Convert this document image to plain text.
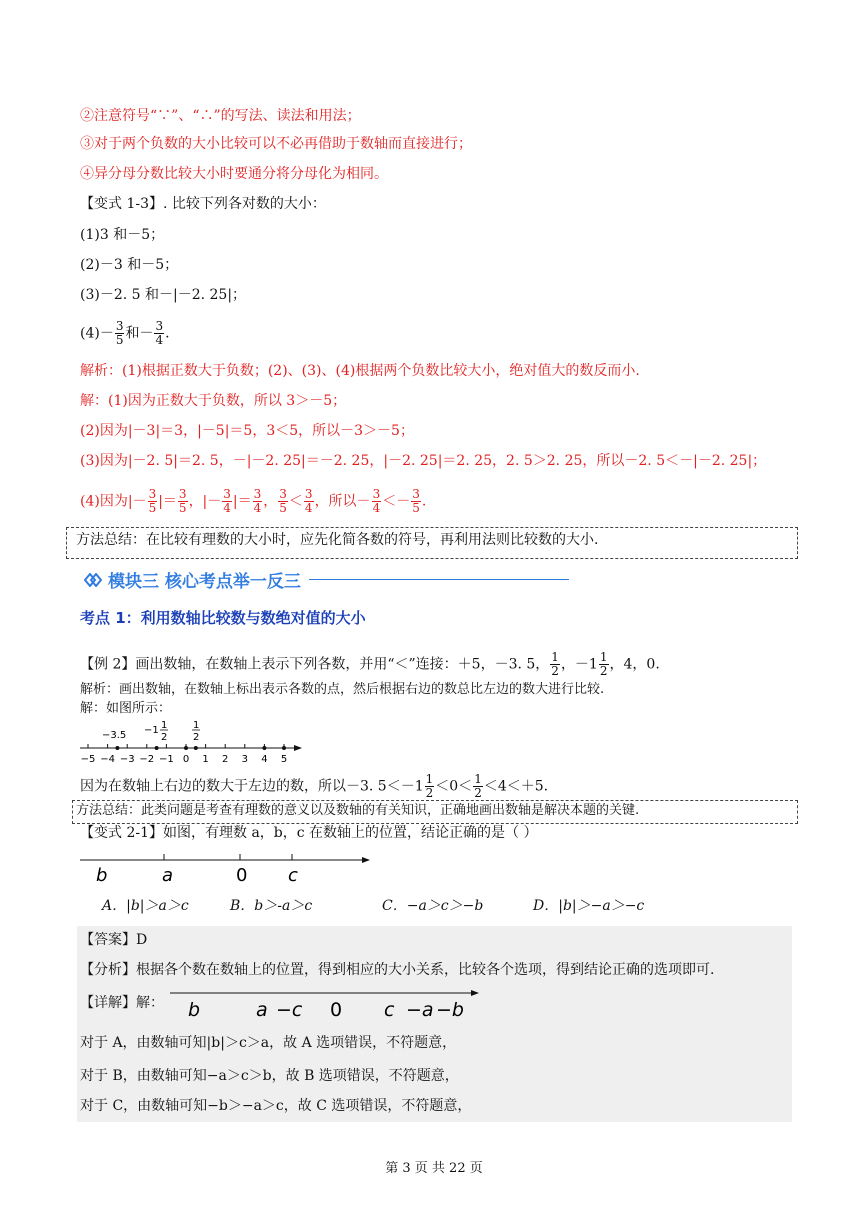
②注意符号“∵”、“∴”的写法、读法和用法；
③对于两个负数的大小比较可以不必再借助于数轴而直接进行；
④异分母分数比较大小时要通分将分母化为相同。
【变式 1-3】. 比较下列各对数的大小：
(1)3 和－5；
(2)－3 和－5；
(3)－2. 5 和－|－2. 25|；
$(4)- \frac{3}{5}$ 和－ $\frac{3}{4}$ .
解析：(1)根据正数大于负数；(2)、(3)、(4)根据两个负数比较大小，绝对值大的数反而小.
解：(1)因为正数大于负数，所以 3＞－5；
(2)因为|－3|＝3，|－5|＝5，3＜5，所以－3＞－5；
(3)因为|－2. 5|＝2. 5，－|－2. 25|＝－2. 25，|－2. 25|＝2. 25，2. 5＞2. 25，所以－2. 5＜－|－2. 25|；
(4)因为|－ $\frac{3}{5}$ |＝ $\frac{3}{5}$ ，|－ $\frac{3}{4}$ |＝ $\frac{3}{4}$ ， $\frac{3}{5} < \frac{3}{4}$ ，所以－ $\frac{3}{4} <- \frac{3}{5}$ .
方法总结：在比较有理数的大小时，应先化简各数的符号，再利用法则比较数的大小.
模块三 核心考点举一反三
考点 1：利用数轴比较数与数绝对值的大小
【例 2】画出数轴，在数轴上表示下列各数，并用“＜”连接：＋5，－3. 5， $\frac{1}{2}$ ，$-1 \frac{1}{2}$ ，4，0.
解析：画出数轴，在数轴上标出表示各数的点，然后根据右边的数总比左边的数大进行比较.
解：如图所示：
−5 −4 −3 −2 −1 0 1 2 3 4 5
−3.5 −1 1
2
1
2
因为在数轴上右边的数大于左边的数，所以－3. $5<-1 \frac{1}{2} <0< \frac{1}{2} <4<+5$.
方法总结：此类问题是考查有理数的意义以及数轴的有关知识，正确地画出数轴是解决本题的关键.
【变式 2-1】如图，有理数 a，b，c 在数轴上的位置，结论正确的是（ ）
b	a	0 c
A．|b|＞a＞c	B．b＞-a＞c	C．−a＞c＞−b	D．|b|＞−a＞−c
【答案】D
【分析】根据各个数在数轴上的位置，得到相应的大小关系，比较各个选项，得到结论正确的选项即可.
【详解】解： b	a −c 0 c −a −b
对于 A，由数轴可知|b|＞c＞a，故 A 选项错误，不符题意，
对于 B，由数轴可知−a＞c＞b，故 B 选项错误，不符题意，
对于 C，由数轴可知−b＞−a＞c，故 C 选项错误，不符题意，
第 3 页 共 22 页
